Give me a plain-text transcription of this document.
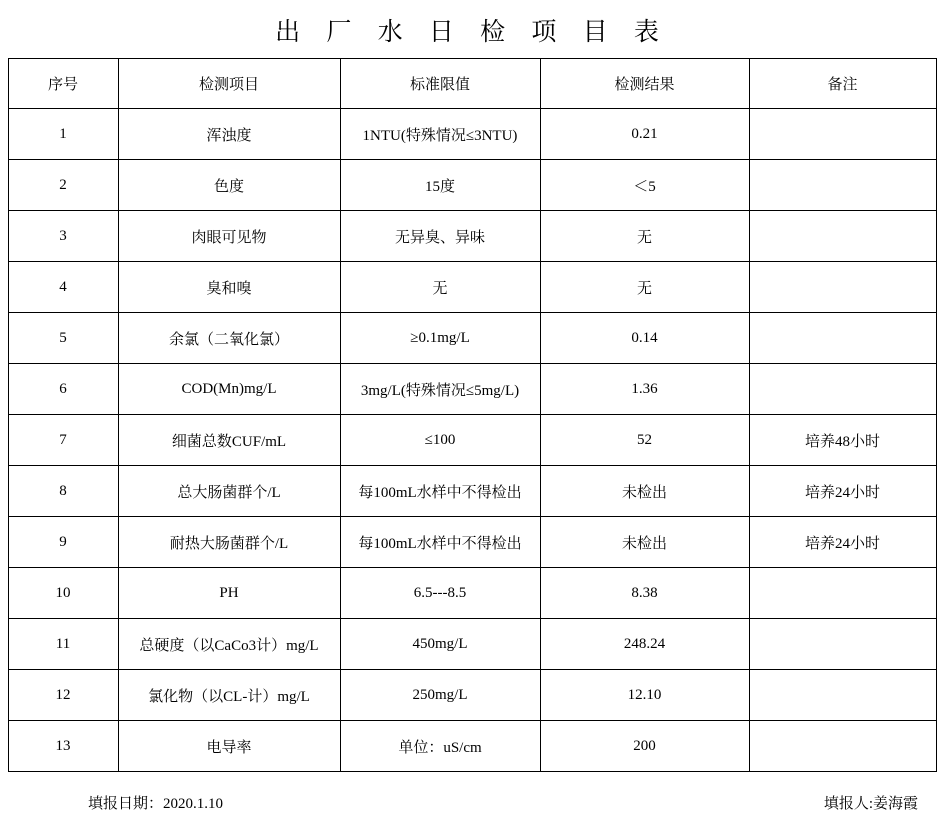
出 厂 水 日 检 项 目 表
序号	检测项目	标准限值	检测结果	备注
1	浑浊度	1NTU(特殊情况≤3NTU)	0.21	
2	色度	15度	＜5	
3	肉眼可见物	无异臭、异味	无	
4	臭和嗅	无	无	
5	余氯（二氧化氯）	≥0.1mg/L	0.14	
6	COD(Mn)mg/L	3mg/L(特殊情况≤5mg/L)	1.36	
7	细菌总数CUF/mL	≤100	52	培养48小时
8	总大肠菌群个/L	每100mL水样中不得检出	未检出	培养24小时
9	耐热大肠菌群个/L	每100mL水样中不得检出	未检出	培养24小时
10	PH	6.5---8.5	8.38	
11	总硬度（以CaCo3计）mg/L	450mg/L	248.24	
12	氯化物（以CL-计）mg/L	250mg/L	12.10	
13	电导率	单位：uS/cm	200	
填报日期：2020.1.10	填报人:姜海霞
